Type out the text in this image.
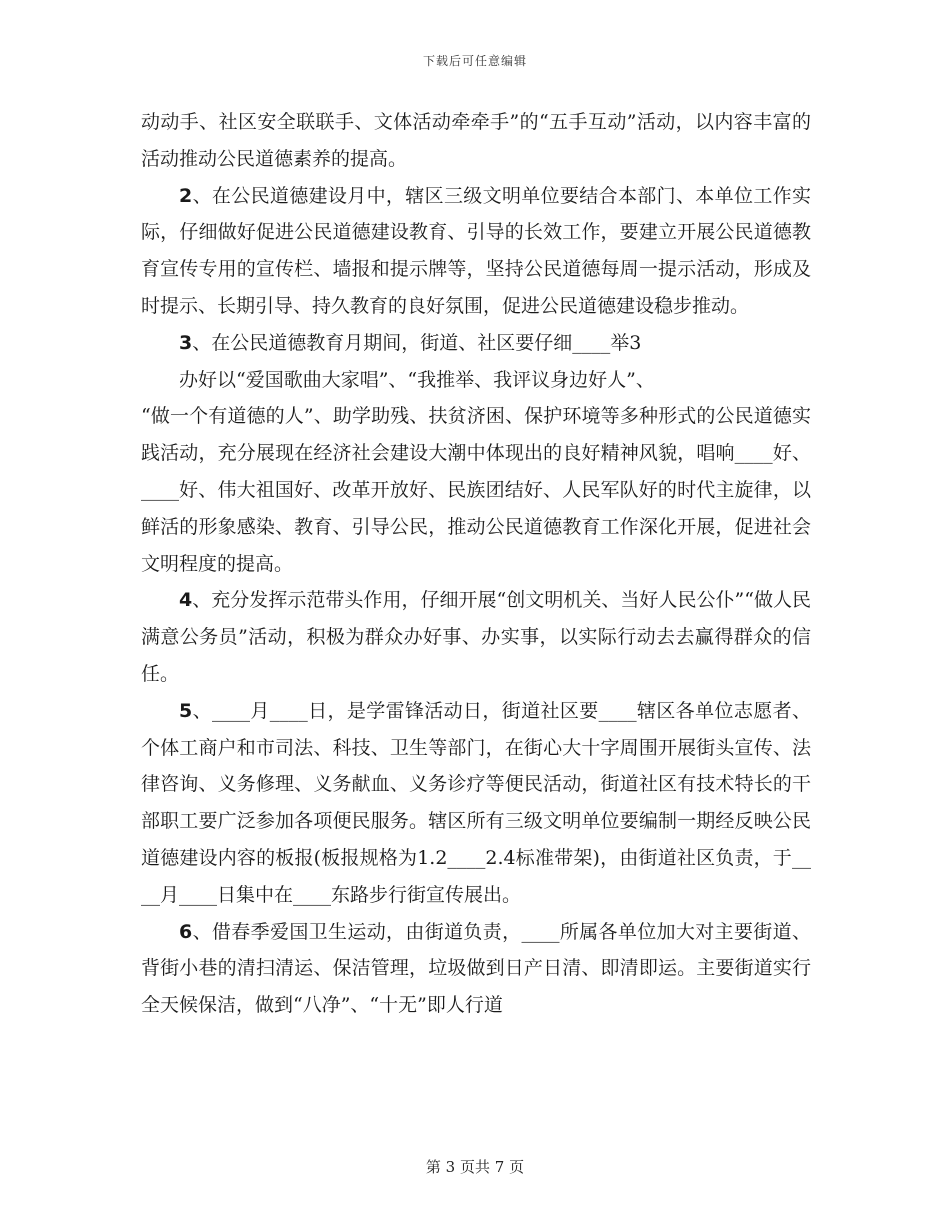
下载后可任意编辑

动动手、社区安全联联手、文体活动牵牵手”的“五手互动”活动，以内容丰富的活动推动公民道德素养的提高。

2、在公民道德建设月中，辖区三级文明单位要结合本部门、本单位工作实际，仔细做好促进公民道德建设教育、引导的长效工作，要建立开展公民道德教育宣传专用的宣传栏、墙报和提示牌等，坚持公民道德每周一提示活动，形成及时提示、长期引导、持久教育的良好氛围，促进公民道德建设稳步推动。

3、在公民道德教育月期间，街道、社区要仔细____举3

办好以“爱国歌曲大家唱”、“我推举、我评议身边好人”、
“做一个有道德的人”、助学助残、扶贫济困、保护环境等多种形式的公民道德实践活动，充分展现在经济社会建设大潮中体现出的良好精神风貌，唱响____好、____好、伟大祖国好、改革开放好、民族团结好、人民军队好的时代主旋律，以鲜活的形象感染、教育、引导公民，推动公民道德教育工作深化开展，促进社会文明程度的提高。

4、充分发挥示范带头作用，仔细开展“创文明机关、当好人民公仆”“做人民满意公务员”活动，积极为群众办好事、办实事，以实际行动去去赢得群众的信任。

5、____月____日，是学雷锋活动日，街道社区要____辖区各单位志愿者、个体工商户和市司法、科技、卫生等部门，在街心大十字周围开展街头宣传、法律咨询、义务修理、义务献血、义务诊疗等便民活动，街道社区有技术特长的干部职工要广泛参加各项便民服务。辖区所有三级文明单位要编制一期经反映公民道德建设内容的板报(板报规格为1.2____2.4标准带架)，由街道社区负责，于____月____日集中在____东路步行街宣传展出。

6、借春季爱国卫生运动，由街道负责，____所属各单位加大对主要街道、背街小巷的清扫清运、保洁管理，垃圾做到日产日清、即清即运。主要街道实行全天候保洁，做到“八净”、“十无”即人行道

第 3 页共 7 页
